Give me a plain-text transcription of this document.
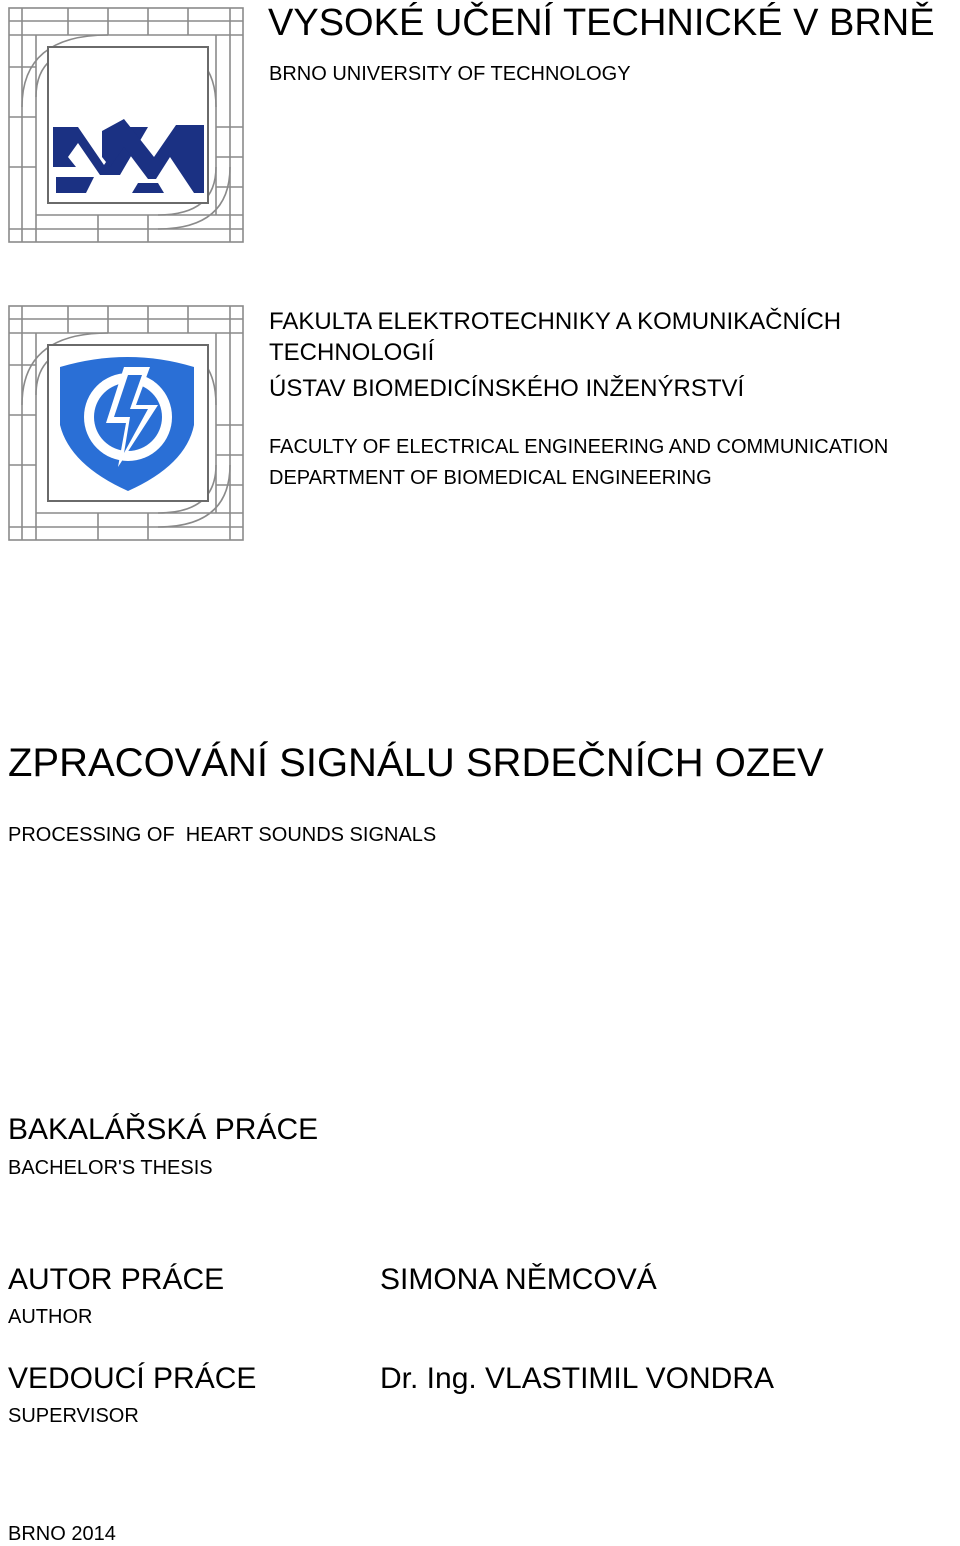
VYSOKÉ UČENÍ TECHNICKÉ V BRNĚ
BRNO UNIVERSITY OF TECHNOLOGY
FAKULTA ELEKTROTECHNIKY A KOMUNIKAČNÍCH TECHNOLOGIÍ
ÚSTAV BIOMEDICÍNSKÉHO INŽENÝRSTVÍ
FACULTY OF ELECTRICAL ENGINEERING AND COMMUNICATION
DEPARTMENT OF BIOMEDICAL ENGINEERING
ZPRACOVÁNÍ SIGNÁLU SRDEČNÍCH OZEV
PROCESSING OF  HEART SOUNDS SIGNALS
BAKALÁŘSKÁ PRÁCE
BACHELOR'S THESIS
AUTOR PRÁCE
AUTHOR
SIMONA NĚMCOVÁ
VEDOUCÍ PRÁCE
SUPERVISOR
Dr. Ing. VLASTIMIL VONDRA
BRNO 2014
